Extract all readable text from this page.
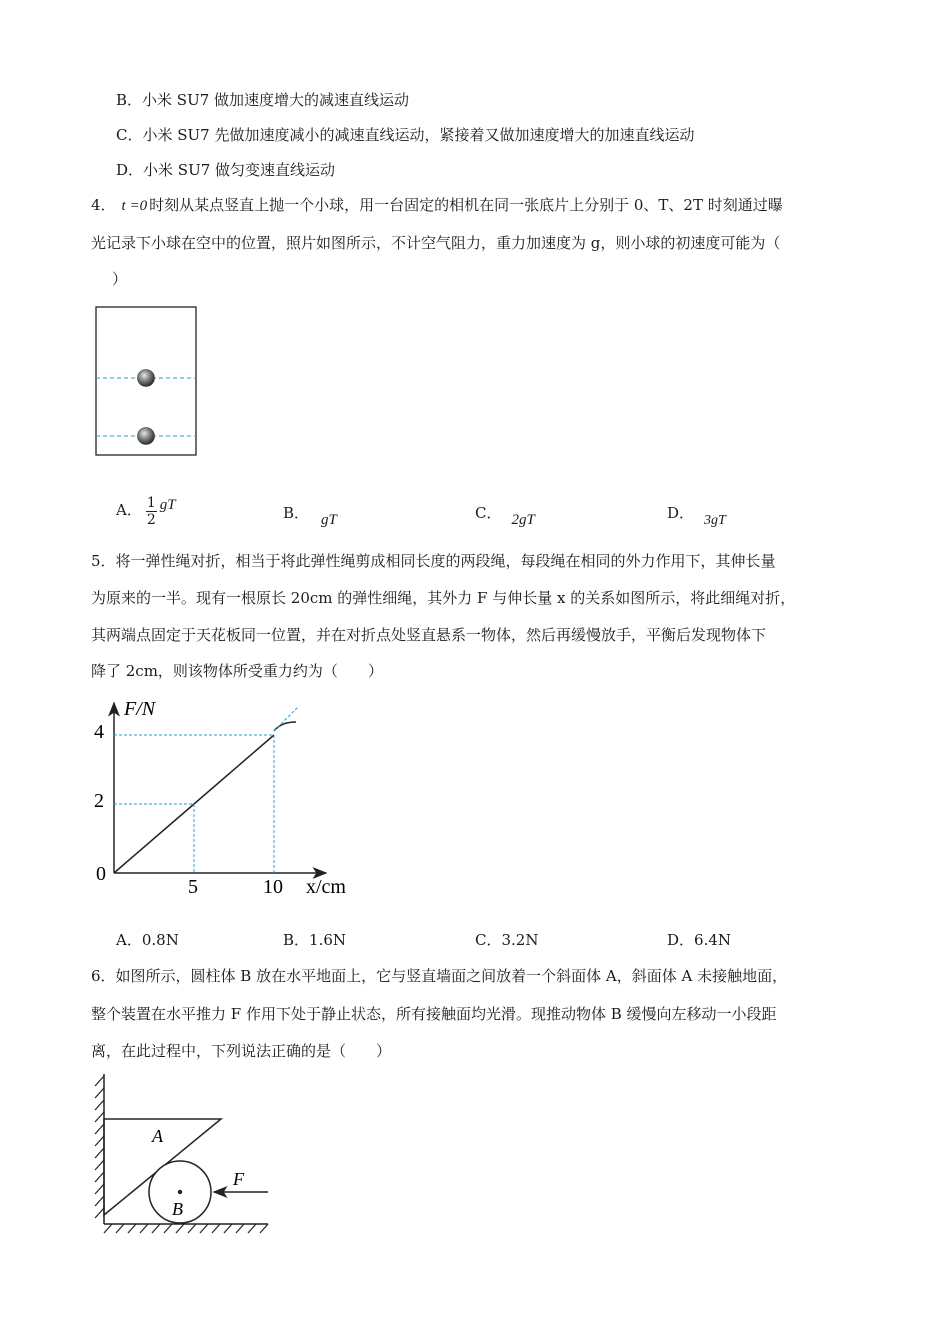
B．小米 SU7 做加速度增大的减速直线运动
C．小米 SU7 先做加速度减小的减速直线运动，紧接着又做加速度增大的加速直线运动
D．小米 SU7 做匀变速直线运动
4． t =0 时刻从某点竖直上抛一个小球，用一台固定的相机在同一张底片上分别于 0、T、2T 时刻通过曝
光记录下小球在空中的位置，照片如图所示，不计空气阻力，重力加速度为 g，则小球的初速度可能为（
）
A． $\frac{1}{2}$ gT	B． gT	C． 2gT	D． 3gT
5．将一弹性绳对折，相当于将此弹性绳剪成相同长度的两段绳，每段绳在相同的外力作用下，其伸长量
为原来的一半。现有一根原长 20cm 的弹性细绳，其外力 F 与伸长量 x 的关系如图所示，将此细绳对折，
其两端点固定于天花板同一位置，并在对折点处竖直悬系一物体，然后再缓慢放手，平衡后发现物体下
降了 2cm，则该物体所受重力约为（　　）
F/N
x/cm
0
5	10
2
4
A．0.8N	B．1.6N	C．3.2N	D．6.4N
6．如图所示，圆柱体 B 放在水平地面上，它与竖直墙面之间放着一个斜面体 A，斜面体 A 未接触地面，
整个装置在水平推力 F 作用下处于静止状态，所有接触面均光滑。现推动物体 B 缓慢向左移动一小段距
离，在此过程中，下列说法正确的是（　　）
A
B
F
